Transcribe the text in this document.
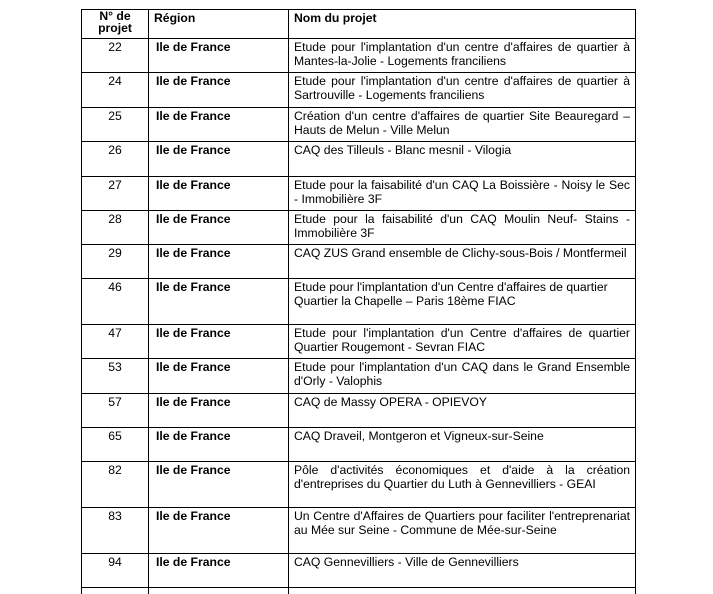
N° de
projet	Région	Nom du projet
22	Ile de France	Etude pour l'implantation d'un centre d'affaires de quartier à Mantes-la-Jolie - Logements franciliens
24	Ile de France	Etude pour l'implantation d'un centre d'affaires de quartier à Sartrouville - Logements franciliens
25	Ile de France	Création d'un centre d'affaires de quartier Site Beauregard – Hauts de Melun - Ville Melun
26	Ile de France	CAQ des Tilleuls - Blanc mesnil - Vilogia
27	Ile de France	Etude pour la faisabilité d'un CAQ La Boissière - Noisy le Sec - Immobilière 3F
28	Ile de France	Etude pour la faisabilité d'un CAQ Moulin Neuf- Stains - Immobilière 3F
29	Ile de France	CAQ ZUS Grand ensemble de Clichy-sous-Bois / Montfermeil
46	Ile de France	Etude pour l'implantation d'un Centre d'affaires de quartier
Quartier la Chapelle – Paris 18ème FIAC

47	Ile de France	Etude pour l'implantation d'un Centre d'affaires de quartier Quartier Rougemont - Sevran FIAC
53	Ile de France	Etude pour l'implantation d'un CAQ dans le Grand Ensemble d'Orly - Valophis
57	Ile de France	CAQ de Massy OPERA - OPIEVOY
65	Ile de France	CAQ Draveil, Montgeron et Vigneux-sur-Seine
82	Ile de France	Pôle d'activités économiques et d'aide à la création d'entreprises du Quartier du Luth à Gennevilliers - GEAI
83	Ile de France	Un Centre d'Affaires de Quartiers pour faciliter l'entreprenariat au Mée sur Seine - Commune de Mée-sur-Seine
94	Ile de France	CAQ Gennevilliers - Ville de Gennevilliers
